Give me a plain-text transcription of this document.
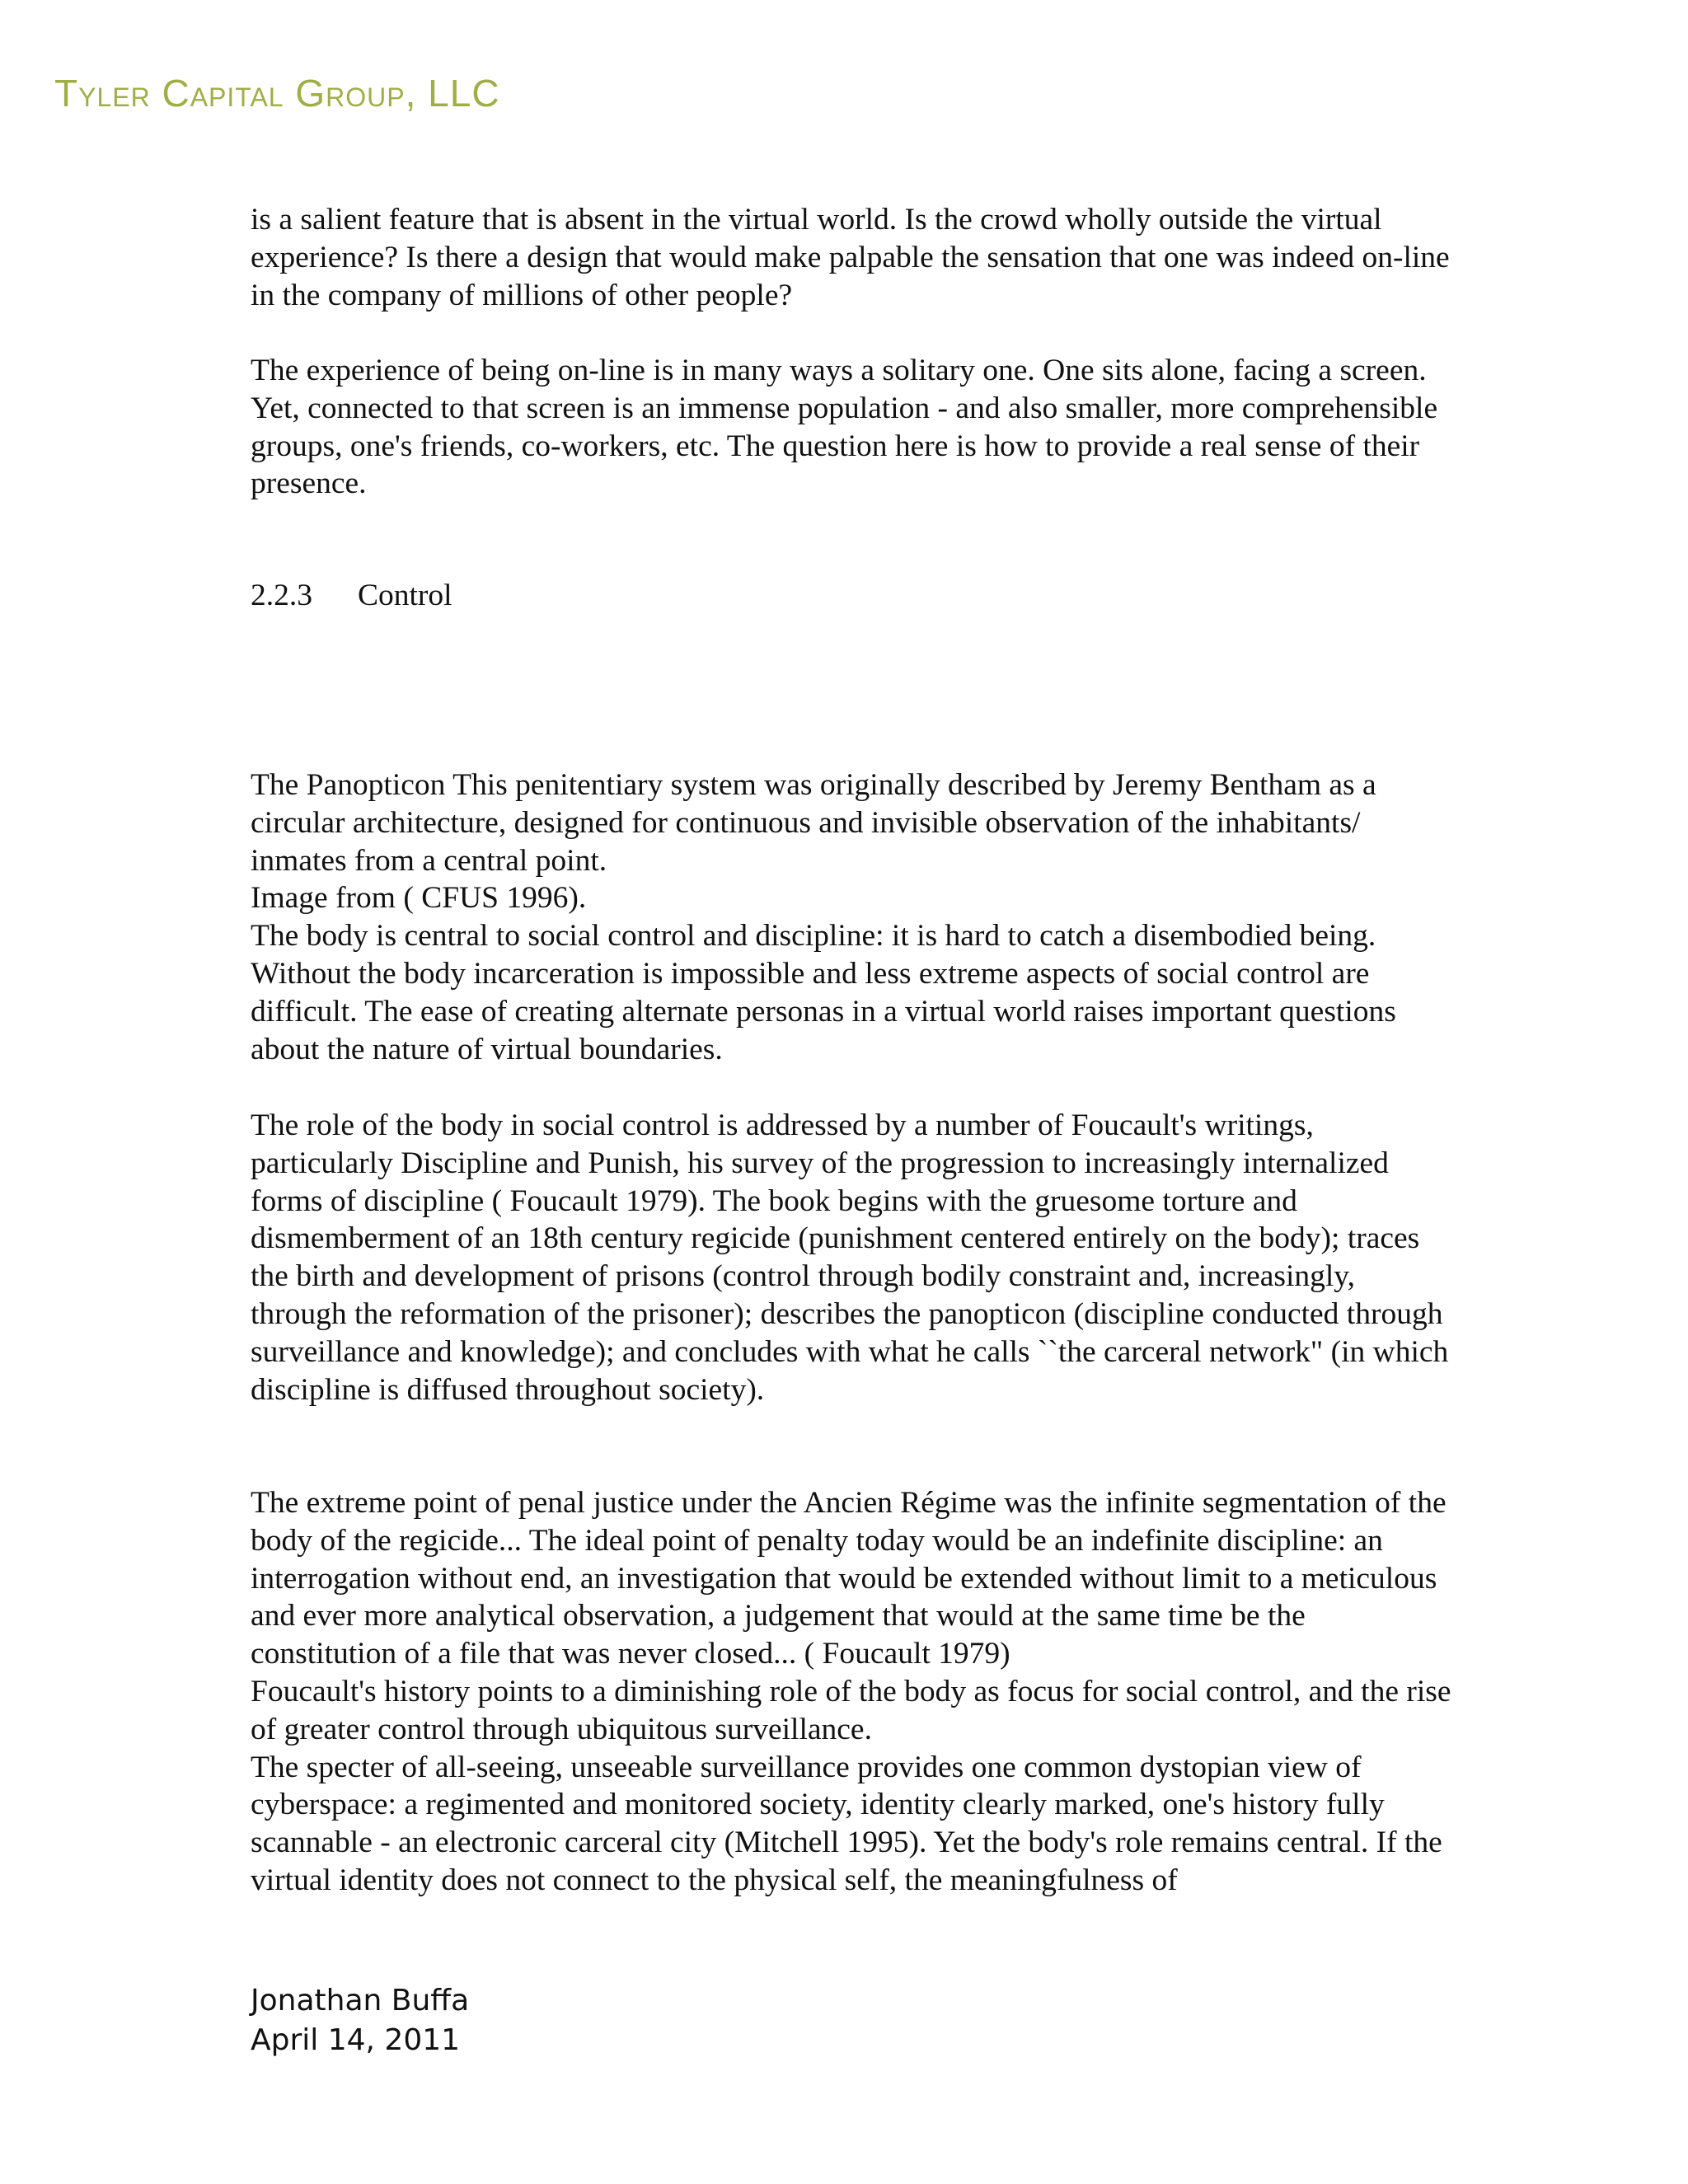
Tyler Capital Group, LLC

is a salient feature that is absent in the virtual world. Is the crowd wholly outside the virtual experience? Is there a design that would make palpable the sensation that one was indeed on-line in the company of millions of other people?

The experience of being on-line is in many ways a solitary one. One sits alone, facing a screen. Yet, connected to that screen is an immense population - and also smaller, more comprehensible groups, one's friends, co-workers, etc. The question here is how to provide a real sense of their presence.

2.2.3 Control

The Panopticon This penitentiary system was originally described by Jeremy Bentham as a circular architecture, designed for continuous and invisible observation of the inhabitants/ inmates from a central point.

Image from ( CFUS 1996).

The body is central to social control and discipline: it is hard to catch a disembodied being. Without the body incarceration is impossible and less extreme aspects of social control are difficult. The ease of creating alternate personas in a virtual world raises important questions about the nature of virtual boundaries.

The role of the body in social control is addressed by a number of Foucault's writings, particularly Discipline and Punish, his survey of the progression to increasingly internalized forms of discipline ( Foucault 1979). The book begins with the gruesome torture and dismemberment of an 18th century regicide (punishment centered entirely on the body); traces the birth and development of prisons (control through bodily constraint and, increasingly, through the reformation of the prisoner); describes the panopticon (discipline conducted through surveillance and knowledge); and concludes with what he calls ``the carceral network" (in which discipline is diffused throughout society).

The extreme point of penal justice under the Ancien Régime was the infinite segmentation of the body of the regicide... The ideal point of penalty today would be an indefinite discipline: an interrogation without end, an investigation that would be extended without limit to a meticulous and ever more analytical observation, a judgement that would at the same time be the constitution of a file that was never closed... ( Foucault 1979)

Foucault's history points to a diminishing role of the body as focus for social control, and the rise of greater control through ubiquitous surveillance.

The specter of all-seeing, unseeable surveillance provides one common dystopian view of cyberspace: a regimented and monitored society, identity clearly marked, one's history fully scannable - an electronic carceral city (Mitchell 1995). Yet the body's role remains central. If the virtual identity does not connect to the physical self, the meaningfulness of

Jonathan Buffa
April 14, 2011
